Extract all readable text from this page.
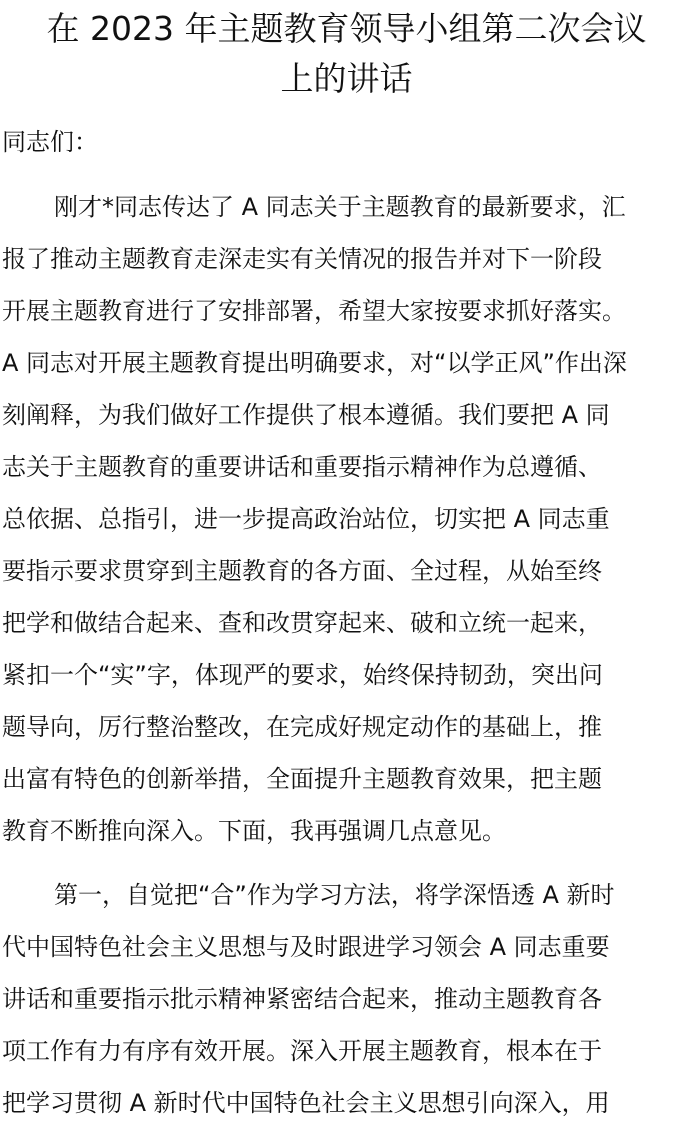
在 2023 年主题教育领导小组第二次会议
上的讲话

同志们：

刚才*同志传达了 A 同志关于主题教育的最新要求，汇
报了推动主题教育走深走实有关情况的报告并对下一阶段
开展主题教育进行了安排部署，希望大家按要求抓好落实。
A 同志对开展主题教育提出明确要求，对“以学正风”作出深
刻阐释，为我们做好工作提供了根本遵循。我们要把 A 同
志关于主题教育的重要讲话和重要指示精神作为总遵循、
总依据、总指引，进一步提高政治站位，切实把 A 同志重
要指示要求贯穿到主题教育的各方面、全过程，从始至终
把学和做结合起来、查和改贯穿起来、破和立统一起来，
紧扣一个“实”字，体现严的要求，始终保持韧劲，突出问
题导向，厉行整治整改，在完成好规定动作的基础上，推
出富有特色的创新举措，全面提升主题教育效果，把主题
教育不断推向深入。下面，我再强调几点意见。

第一，自觉把“合”作为学习方法，将学深悟透 A 新时
代中国特色社会主义思想与及时跟进学习领会 A 同志重要
讲话和重要指示批示精神紧密结合起来，推动主题教育各
项工作有力有序有效开展。深入开展主题教育，根本在于
把学习贯彻 A 新时代中国特色社会主义思想引向深入，用
